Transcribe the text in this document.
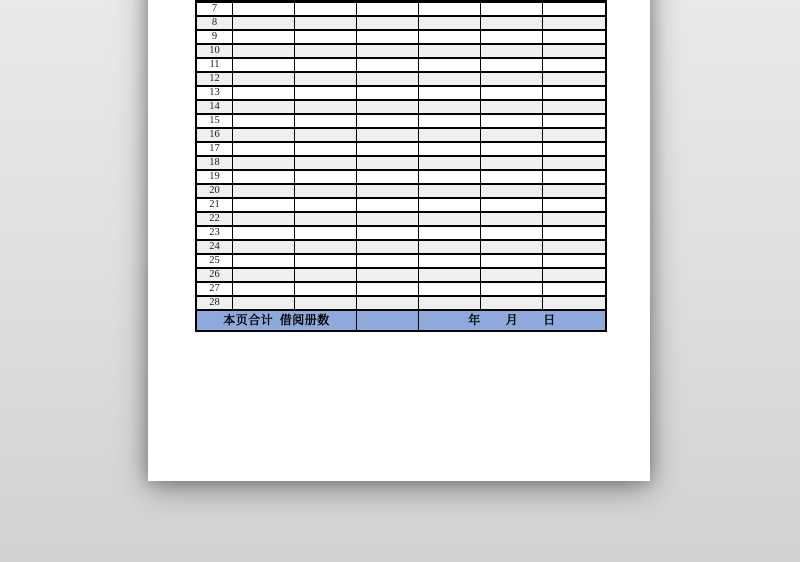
7
8
9
10
11
12
13
14
15
16
17
18
19
20
21
22
23
24
25
26
27
28
本页合计 借阅册数	年　　月　　日
